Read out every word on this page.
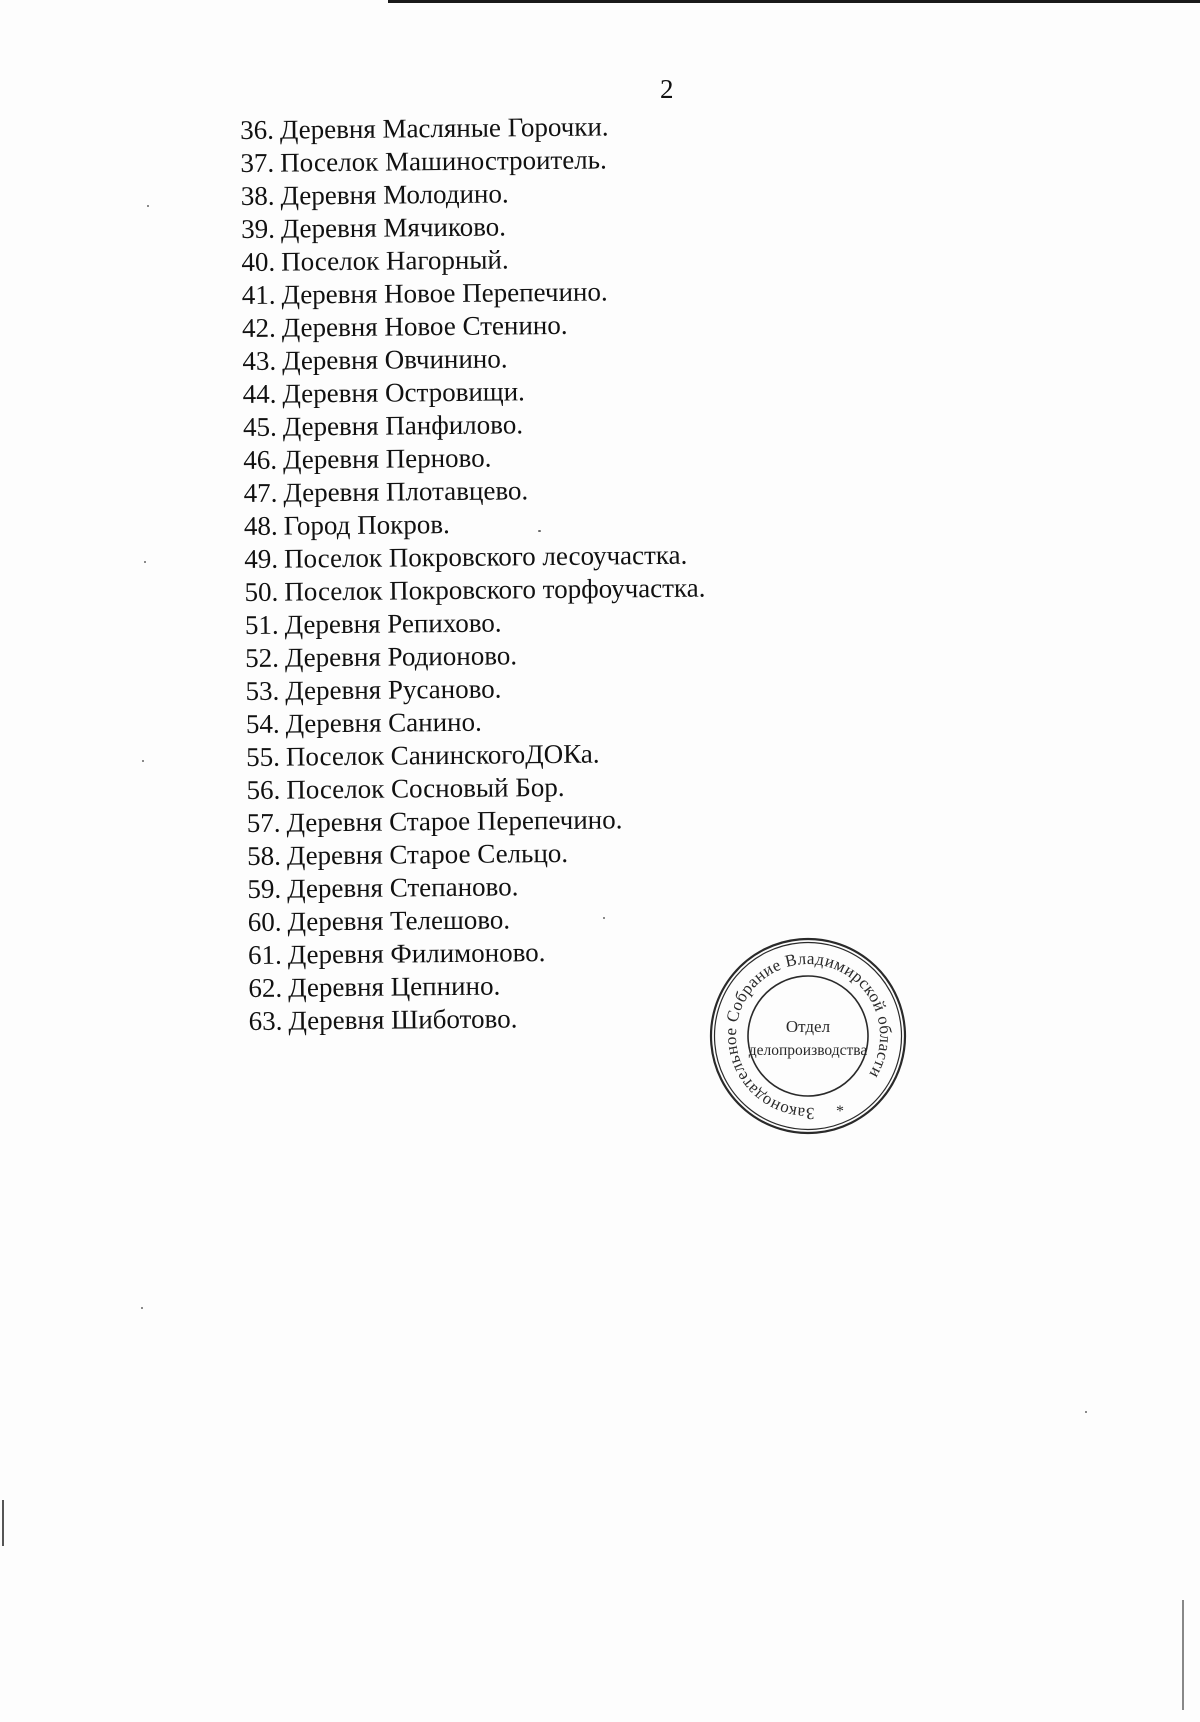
2
36. Деревня Масляные Горочки.
37. Поселок Машиностроитель.
38. Деревня Молодино.
39. Деревня Мячиково.
40. Поселок Нагорный.
41. Деревня Новое Перепечино.
42. Деревня Новое Стенино.
43. Деревня Овчинино.
44. Деревня Островищи.
45. Деревня Панфилово.
46. Деревня Перново.
47. Деревня Плотавцево.
48. Город Покров.
49. Поселок Покровского лесоучастка.
50. Поселок Покровского торфоучастка.
51. Деревня Репихово.
52. Деревня Родионово.
53. Деревня Русаново.
54. Деревня Санино.
55. Поселок СанинскогоДОКа.
56. Поселок Сосновый Бор.
57. Деревня Старое Перепечино.
58. Деревня Старое Сельцо.
59. Деревня Степаново.
60. Деревня Телешово.
61. Деревня Филимоново.
62. Деревня Цепнино.
63. Деревня Шиботово.
Законодательное Собрание Владимирской области
Отдел
делопроизводства
*
